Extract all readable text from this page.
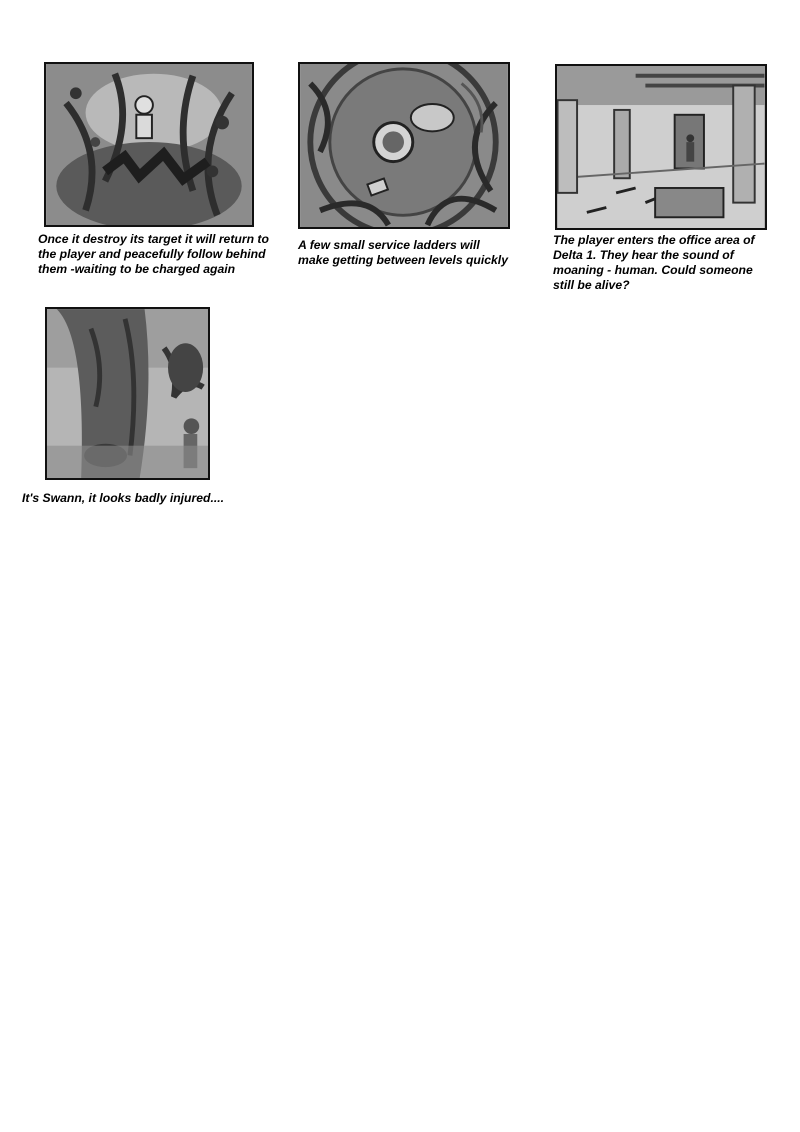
Once it destroy its target it will return to
the player and peacefully follow behind
them -waiting to be charged again

A few small service ladders will
make getting between levels quickly

The player enters the office area of
Delta 1. They hear the sound of
moaning - human. Could someone
still be alive?

It's Swann, it looks badly injured....
